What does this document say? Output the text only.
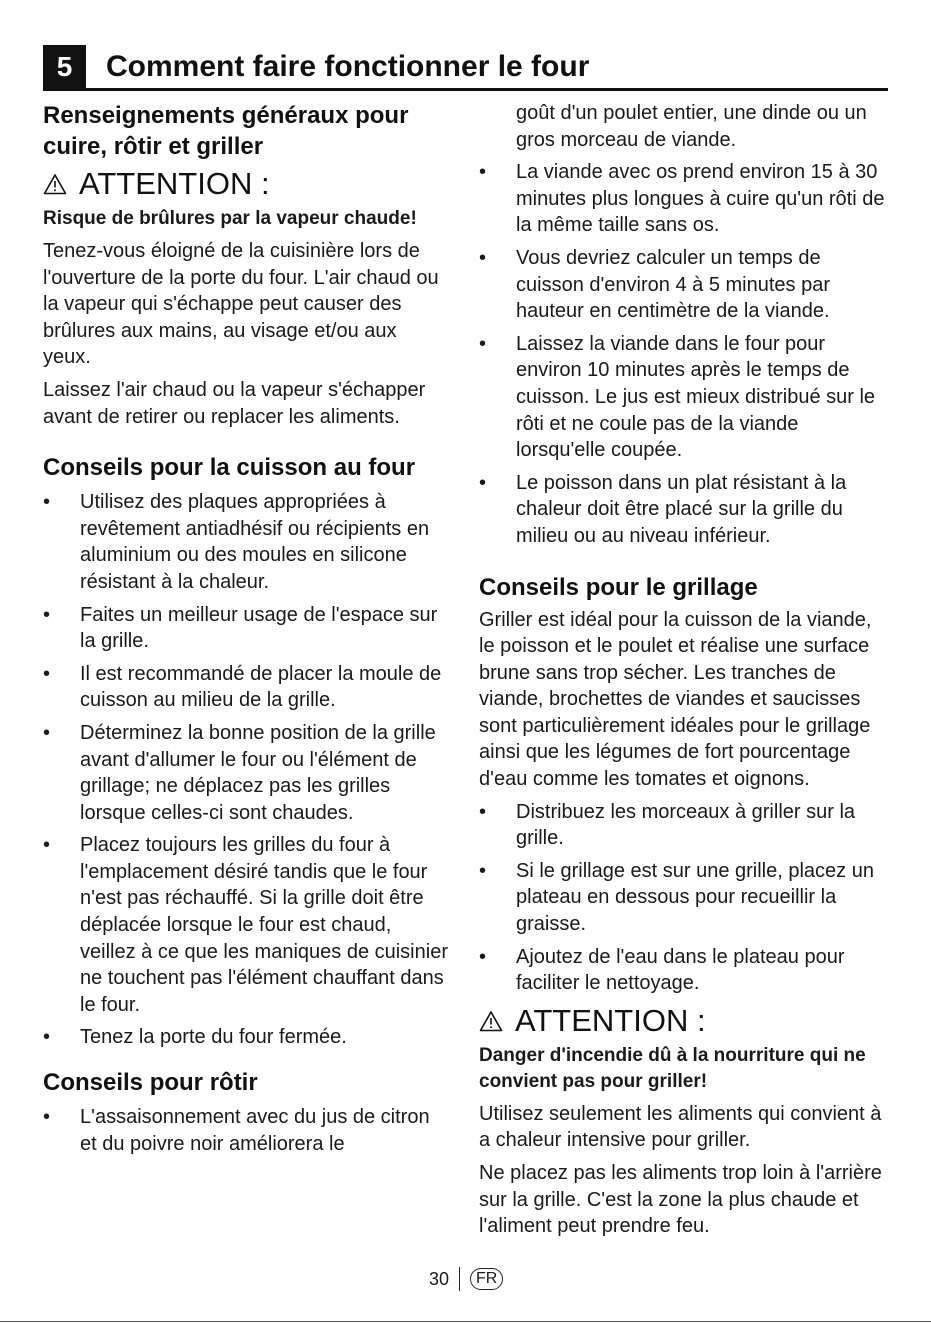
5	Comment faire fonctionner le four
Renseignements généraux pour cuire, rôtir et griller
ATTENTION :
Risque de brûlures par la vapeur chaude!

Tenez-vous éloigné de la cuisinière lors de l'ouverture de la porte du four. L'air chaud ou la vapeur qui s'échappe peut causer des brûlures aux mains, au visage et/ou aux yeux.

Laissez l'air chaud ou la vapeur s'échapper avant de retirer ou replacer les aliments.

Conseils pour la cuisson au four
• Utilisez des plaques appropriées à revêtement antiadhésif ou récipients en aluminium ou des moules en silicone résistant à la chaleur.
• Faites un meilleur usage de l'espace sur la grille.
• Il est recommandé de placer la moule de cuisson au milieu de la grille.
• Déterminez la bonne position de la grille avant d'allumer le four ou l'élément de grillage; ne déplacez pas les grilles lorsque celles-ci sont chaudes.
• Placez toujours les grilles du four à l'emplacement désiré tandis que le four n'est pas réchauffé. Si la grille doit être déplacée lorsque le four est chaud, veillez à ce que les maniques de cuisinier ne touchent pas l'élément chauffant dans le four.
• Tenez la porte du four fermée.
Conseils pour rôtir
• L'assaisonnement avec du jus de citron et du poivre noir améliorera le
goût d'un poulet entier, une dinde ou un gros morceau de viande.
• La viande avec os prend environ 15 à 30 minutes plus longues à cuire qu'un rôti de la même taille sans os.
• Vous devriez calculer un temps de cuisson d'environ 4 à 5 minutes par hauteur en centimètre de la viande.
• Laissez la viande dans le four pour environ 10 minutes après le temps de cuisson. Le jus est mieux distribué sur le rôti et ne coule pas de la viande lorsqu'elle coupée.
• Le poisson dans un plat résistant à la chaleur doit être placé sur la grille du milieu ou au niveau inférieur.
Conseils pour le grillage

Griller est idéal pour la cuisson de la viande, le poisson et le poulet et réalise une surface brune sans trop sécher. Les tranches de viande, brochettes de viandes et saucisses sont particulièrement idéales pour le grillage ainsi que les légumes de fort pourcentage d'eau comme les tomates et oignons.

• Distribuez les morceaux à griller sur la grille.
• Si le grillage est sur une grille, placez un plateau en dessous pour recueillir la graisse.
• Ajoutez de l'eau dans le plateau pour faciliter le nettoyage.
ATTENTION :
Danger d'incendie dû à la nourriture qui ne convient pas pour griller!

Utilisez seulement les aliments qui convient à a chaleur intensive pour griller.

Ne placez pas les aliments trop loin à l'arrière sur la grille. C'est la zone la plus chaude et l'aliment peut prendre feu.

30	FR
